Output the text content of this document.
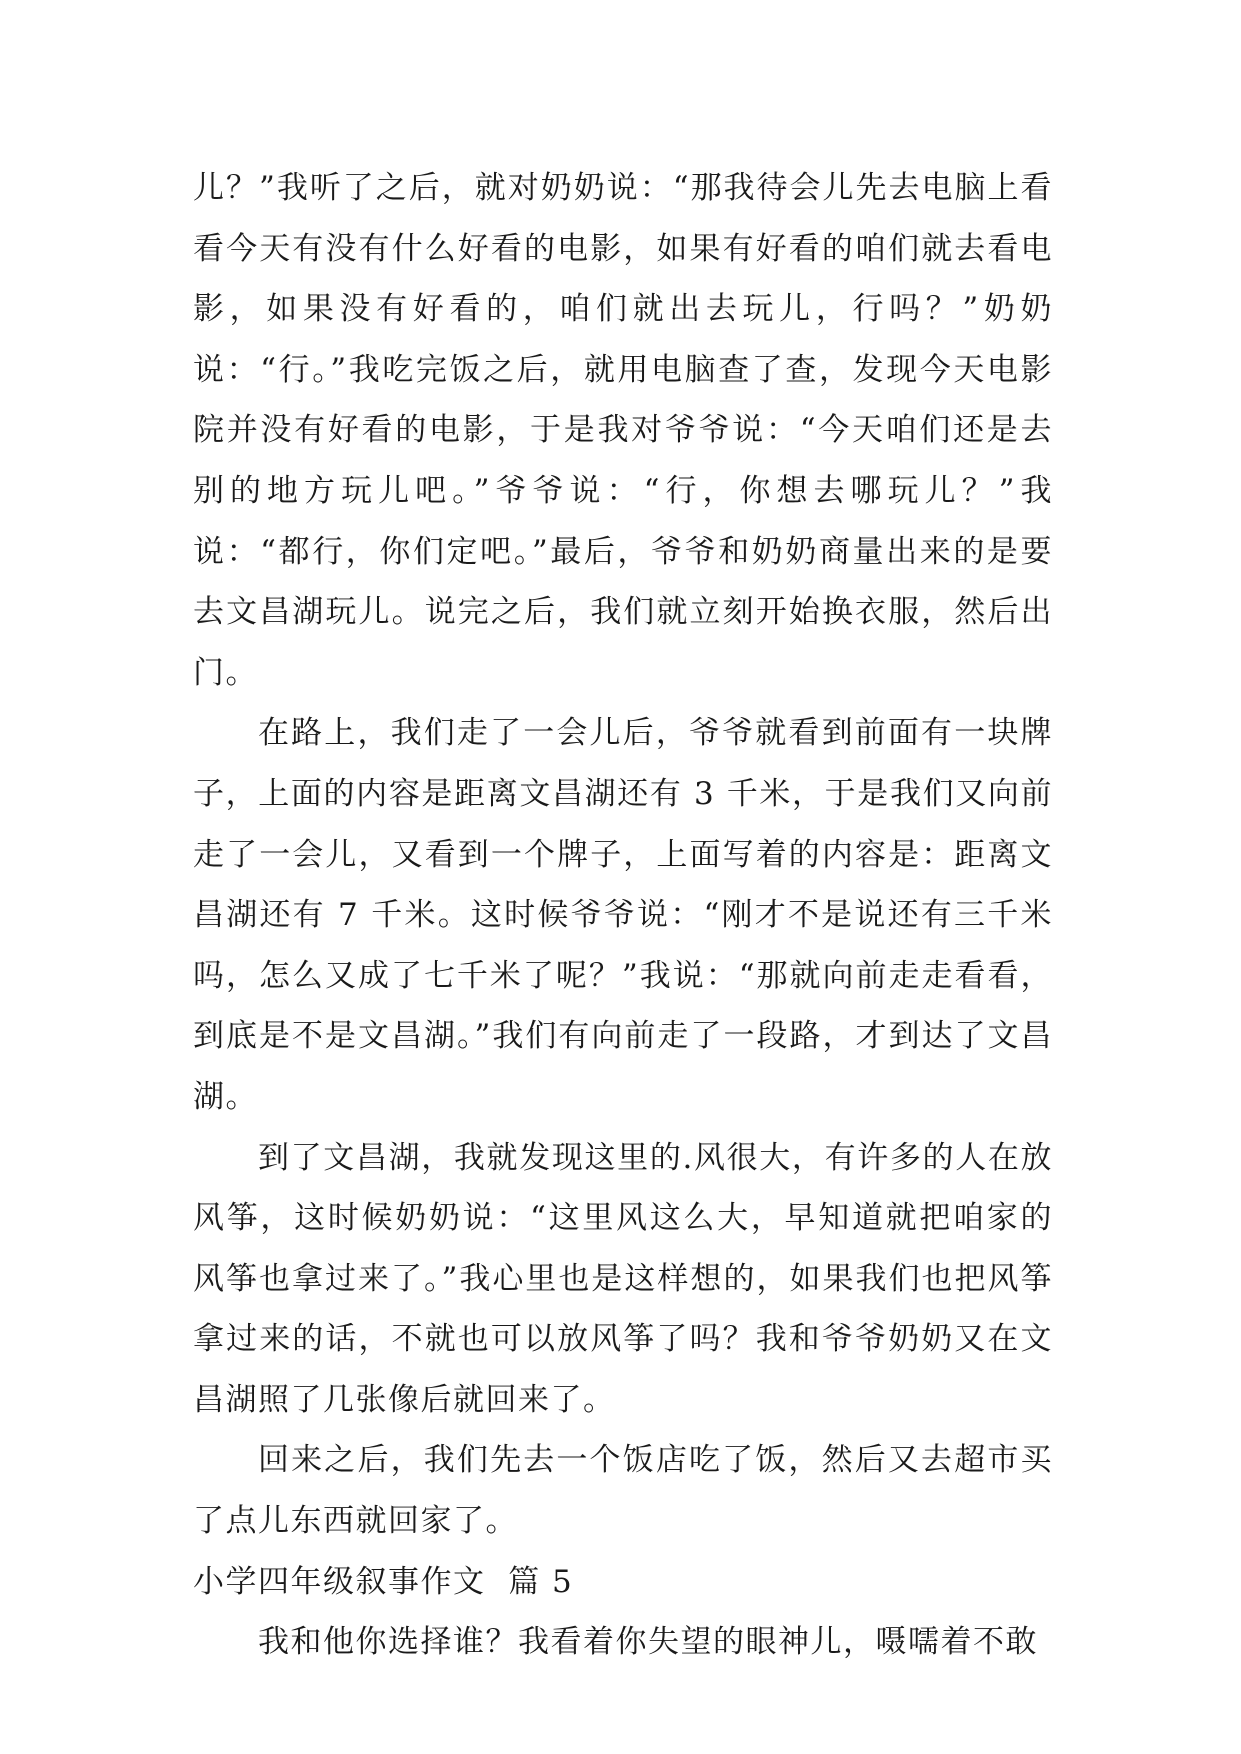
儿？”我听了之后，就对奶奶说：“那我待会儿先去电脑上看看今天有没有什么好看的电影，如果有好看的咱们就去看电影，如果没有好看的，咱们就出去玩儿，行吗？”奶奶说：“行。”我吃完饭之后，就用电脑查了查，发现今天电影院并没有好看的电影，于是我对爷爷说：“今天咱们还是去别的地方玩儿吧。”爷爷说：“行，你想去哪玩儿？”我说：“都行，你们定吧。”最后，爷爷和奶奶商量出来的是要去文昌湖玩儿。说完之后，我们就立刻开始换衣服，然后出门。

在路上，我们走了一会儿后，爷爷就看到前面有一块牌子，上面的内容是距离文昌湖还有 3 千米，于是我们又向前走了一会儿，又看到一个牌子，上面写着的内容是：距离文昌湖还有 7 千米。这时候爷爷说：“刚才不是说还有三千米吗，怎么又成了七千米了呢？”我说：“那就向前走走看看，到底是不是文昌湖。”我们有向前走了一段路，才到达了文昌湖。

到了文昌湖，我就发现这里的.风很大，有许多的人在放风筝，这时候奶奶说：“这里风这么大，早知道就把咱家的风筝也拿过来了。”我心里也是这样想的，如果我们也把风筝拿过来的话，不就也可以放风筝了吗？我和爷爷奶奶又在文昌湖照了几张像后就回来了。

回来之后，我们先去一个饭店吃了饭，然后又去超市买了点儿东西就回家了。

小学四年级叙事作文  篇 5

我和他你选择谁？我看着你失望的眼神儿，嗫嚅着不敢
